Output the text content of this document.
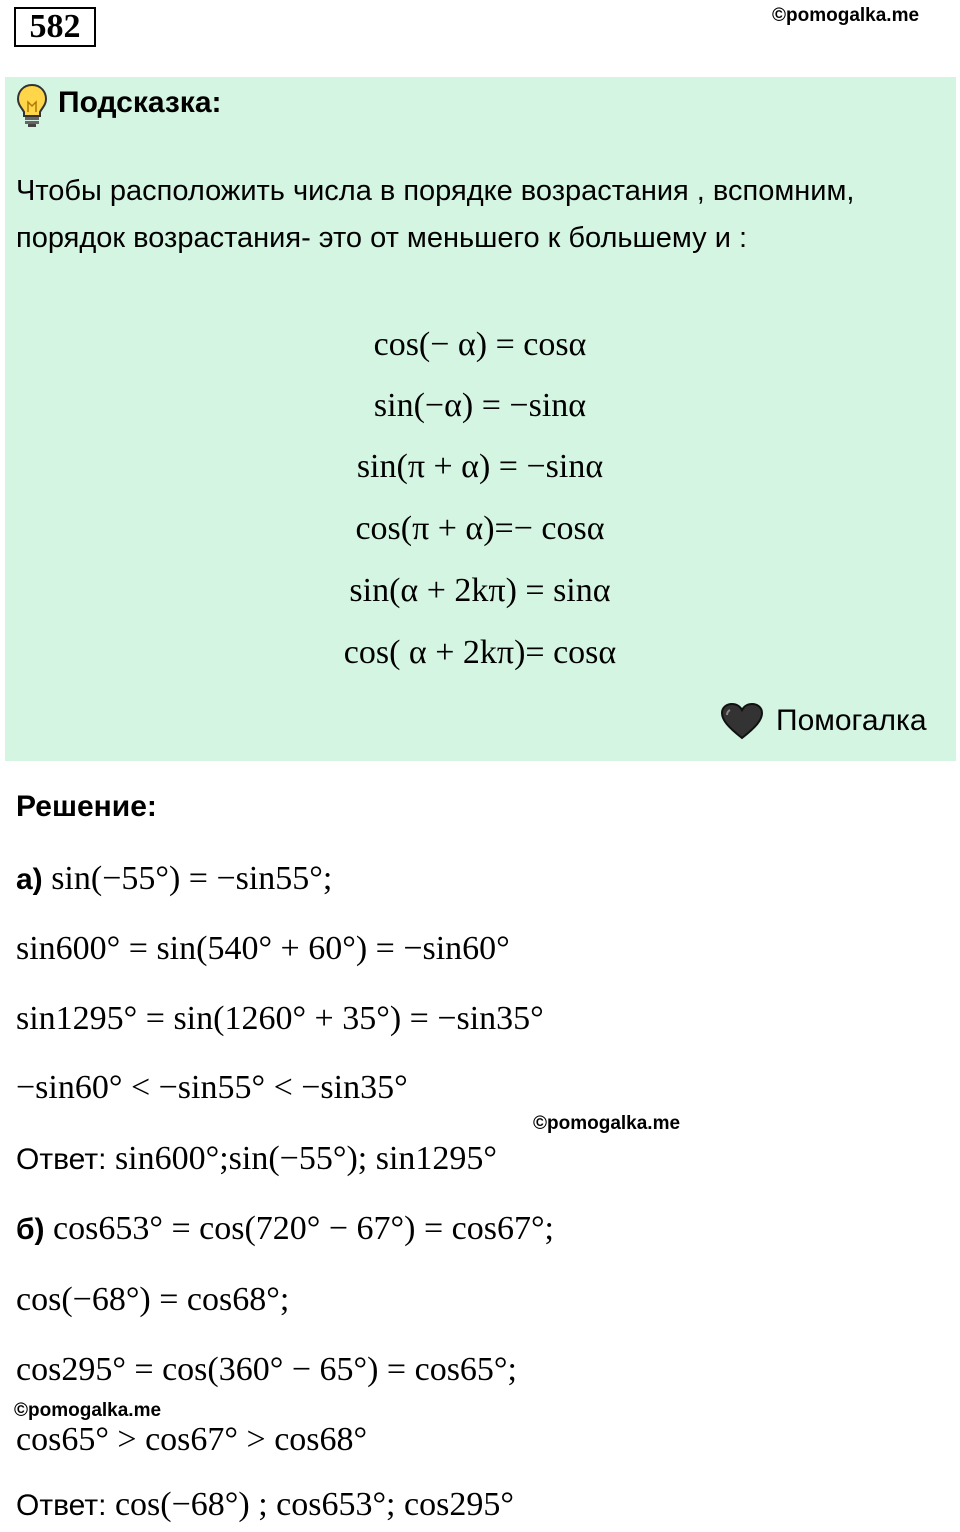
582	©pomogalka.me
Подсказка:
Чтобы расположить числа в порядке возрастания , вспомним, порядок возрастания- это от меньшего к большему и :
cos(− α) = cosα
sin(−α) = −sinα
sin(π + α) = −sinα
cos(π + α)=− cosα
sin(α + 2kπ) = sinα
cos( α + 2kπ)= cosα
Помогалка
Решение:
а) sin(−55°) = −sin55°;
sin600° = sin(540° + 60°) = −sin60°
sin1295° = sin(1260° + 35°) = −sin35°
−sin60° < −sin55° < −sin35°
©pomogalka.me
Ответ: sin600°;sin(−55°); sin1295°
б) cos653° = cos(720° − 67°) = cos67°;
cos(−68°) = cos68°;
cos295° = cos(360° − 65°) = cos65°;
©pomogalka.me
cos65° > cos67° > cos68°
Ответ: cos(−68°) ; cos653°; cos295°
